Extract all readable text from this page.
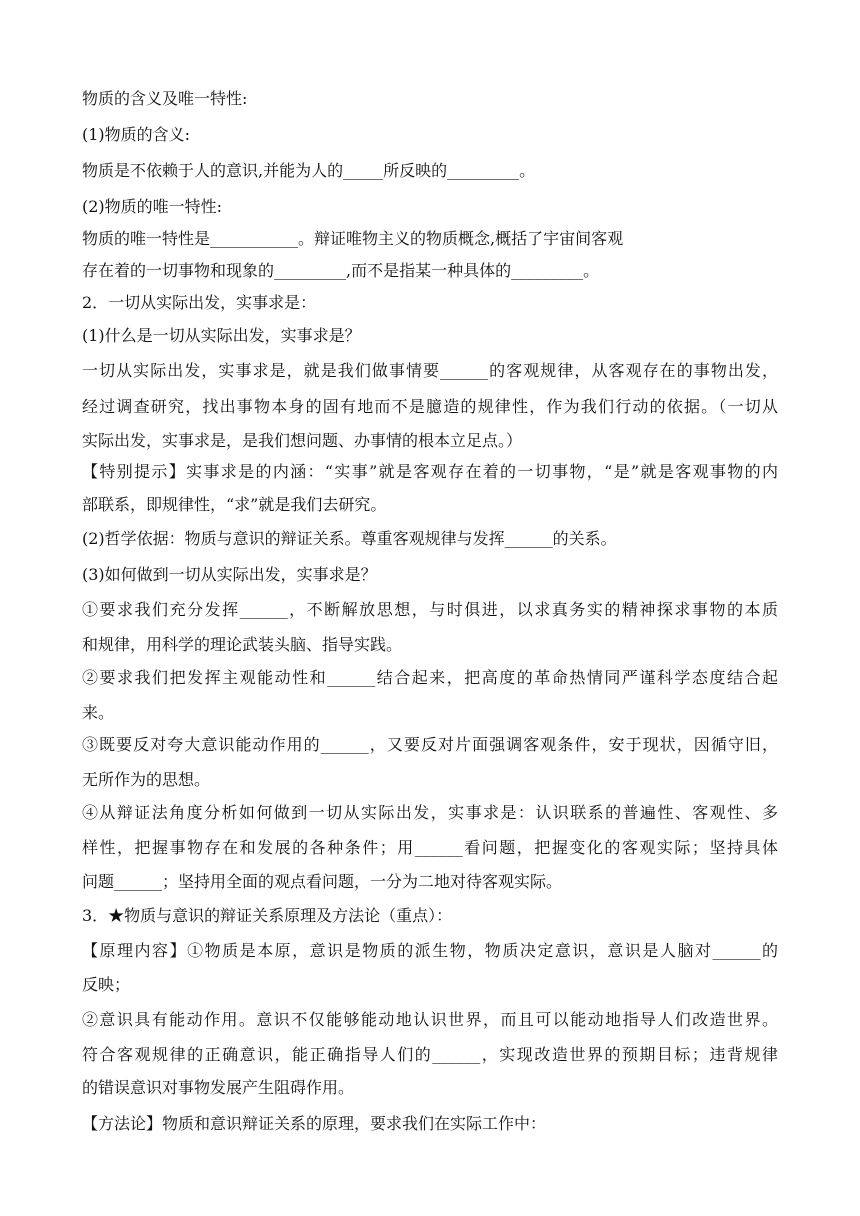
物质的含义及唯一特性:
(1)物质的含义:
物质是不依赖于人的意识,并能为人的_____所反映的_________。
(2)物质的唯一特性:
物质的唯一特性是___________。辩证唯物主义的物质概念,概括了宇宙间客观
存在着的一切事物和现象的_________,而不是指某一种具体的_________。
2．一切从实际出发，实事求是：
(1)什么是一切从实际出发，实事求是？
一切从实际出发，实事求是，就是我们做事情要______的客观规律，从客观存在的事物出发，
经过调查研究，找出事物本身的固有地而不是臆造的规律性，作为我们行动的依据。（一切从
实际出发，实事求是，是我们想问题、办事情的根本立足点。）
【特别提示】实事求是的内涵：“实事”就是客观存在着的一切事物，“是”就是客观事物的内
部联系，即规律性，“求”就是我们去研究。
(2)哲学依据：物质与意识的辩证关系。尊重客观规律与发挥______的关系。
(3)如何做到一切从实际出发，实事求是？
①要求我们充分发挥______，不断解放思想，与时俱进，以求真务实的精神探求事物的本质
和规律，用科学的理论武装头脑、指导实践。
②要求我们把发挥主观能动性和______结合起来，把高度的革命热情同严谨科学态度结合起
来。
③既要反对夸大意识能动作用的______，又要反对片面强调客观条件，安于现状，因循守旧，
无所作为的思想。
④从辩证法角度分析如何做到一切从实际出发，实事求是：认识联系的普遍性、客观性、多
样性，把握事物存在和发展的各种条件；用______看问题，把握变化的客观实际；坚持具体
问题______；坚持用全面的观点看问题，一分为二地对待客观实际。
3．★物质与意识的辩证关系原理及方法论（重点）：
【原理内容】①物质是本原，意识是物质的派生物，物质决定意识，意识是人脑对______的
反映；
②意识具有能动作用。意识不仅能够能动地认识世界，而且可以能动地指导人们改造世界。
符合客观规律的正确意识，能正确指导人们的______，实现改造世界的预期目标；违背规律
的错误意识对事物发展产生阻碍作用。
【方法论】物质和意识辩证关系的原理，要求我们在实际工作中：
